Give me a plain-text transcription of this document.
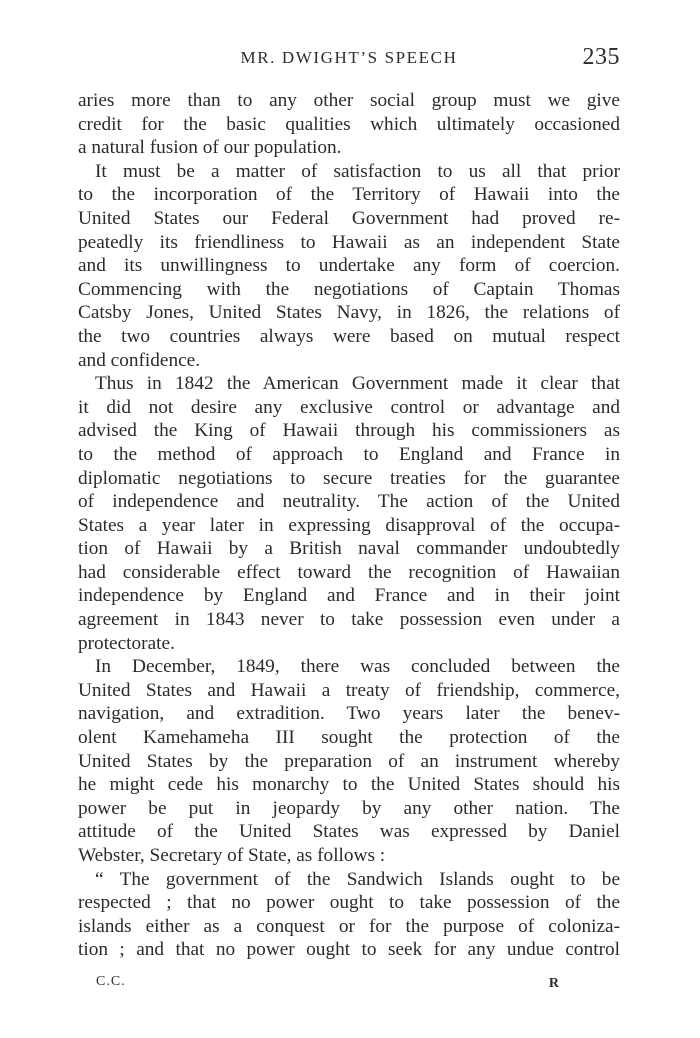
MR. DWIGHT’S SPEECH	235
aries more than to any other social group must we give
credit for the basic qualities which ultimately occasioned
a natural fusion of our population.
It must be a matter of satisfaction to us all that prior
to the incorporation of the Territory of Hawaii into the
United States our Federal Government had proved re-
peatedly its friendliness to Hawaii as an independent State
and its unwillingness to undertake any form of coercion.
Commencing with the negotiations of Captain Thomas
Catsby Jones, United States Navy, in 1826, the relations of
the two countries always were based on mutual respect
and confidence.
Thus in 1842 the American Government made it clear that
it did not desire any exclusive control or advantage and
advised the King of Hawaii through his commissioners as
to the method of approach to England and France in
diplomatic negotiations to secure treaties for the guarantee
of independence and neutrality. The action of the United
States a year later in expressing disapproval of the occupa-
tion of Hawaii by a British naval commander undoubtedly
had considerable effect toward the recognition of Hawaiian
independence by England and France and in their joint
agreement in 1843 never to take possession even under a
protectorate.
In December, 1849, there was concluded between the
United States and Hawaii a treaty of friendship, commerce,
navigation, and extradition. Two years later the benev-
olent Kamehameha III sought the protection of the
United States by the preparation of an instrument whereby
he might cede his monarchy to the United States should his
power be put in jeopardy by any other nation. The
attitude of the United States was expressed by Daniel
Webster, Secretary of State, as follows :
“ The government of the Sandwich Islands ought to be
respected ; that no power ought to take possession of the
islands either as a conquest or for the purpose of coloniza-
tion ; and that no power ought to seek for any undue control
C.C.	R
